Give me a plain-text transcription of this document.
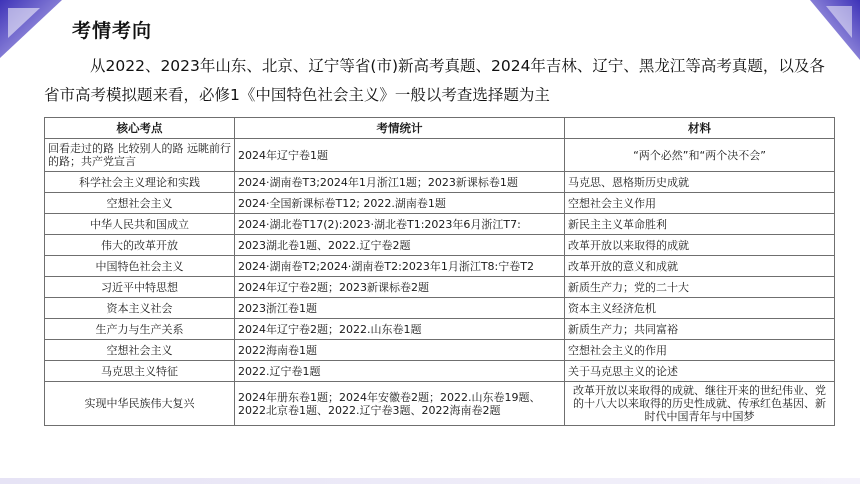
考情考向
从2022、2023年山东、北京、辽宁等省(市)新高考真题、2024年吉林、辽宁、黑龙江等高考真题，以及各省市高考模拟题来看，必修1《中国特色社会主义》一般以考查选择题为主
核心考点	考情统计	材料
回看走过的路 比较别人的路 远眺前行的路；共产党宣言	2024年辽宁卷1题	“两个必然”和“两个决不会”
科学社会主义理论和实践	2024·湖南卷T3;2024年1月浙江1题；2023新课标卷1题	马克思、恩格斯历史成就
空想社会主义	2024·全国新课标卷T12; 2022.湖南卷1题	空想社会主义作用
中华人民共和国成立	2024·湖北卷T17(2):2023·湖北卷T1:2023年6月浙江T7:	新民主主义革命胜利
伟大的改革开放	2023湖北卷1题、2022.辽宁卷2题	改革开放以来取得的成就
中国特色社会主义	2024·湖南卷T2;2024·湖南卷T2:2023年1月浙江T8:宁卷T2	改革开放的意义和成就
习近平中特思想	2024年辽宁卷2题；2023新课标卷2题	新质生产力；党的二十大
资本主义社会	2023浙江卷1题	资本主义经济危机
生产力与生产关系	2024年辽宁卷2题；2022.山东卷1题	新质生产力；共同富裕
空想社会主义	2022海南卷1题	空想社会主义的作用
马克思主义特征	2022.辽宁卷1题	关于马克思主义的论述
实现中华民族伟大复兴	2024年册东卷1题；2024年安徽卷2题；2022.山东卷19题、2022北京卷1题、2022.辽宁卷3题、2022海南卷2题	改革开放以来取得的成就、继往开来的世纪伟业、党的十八大以来取得的历史性成就、传承红色基因、新时代中国青年与中国梦
